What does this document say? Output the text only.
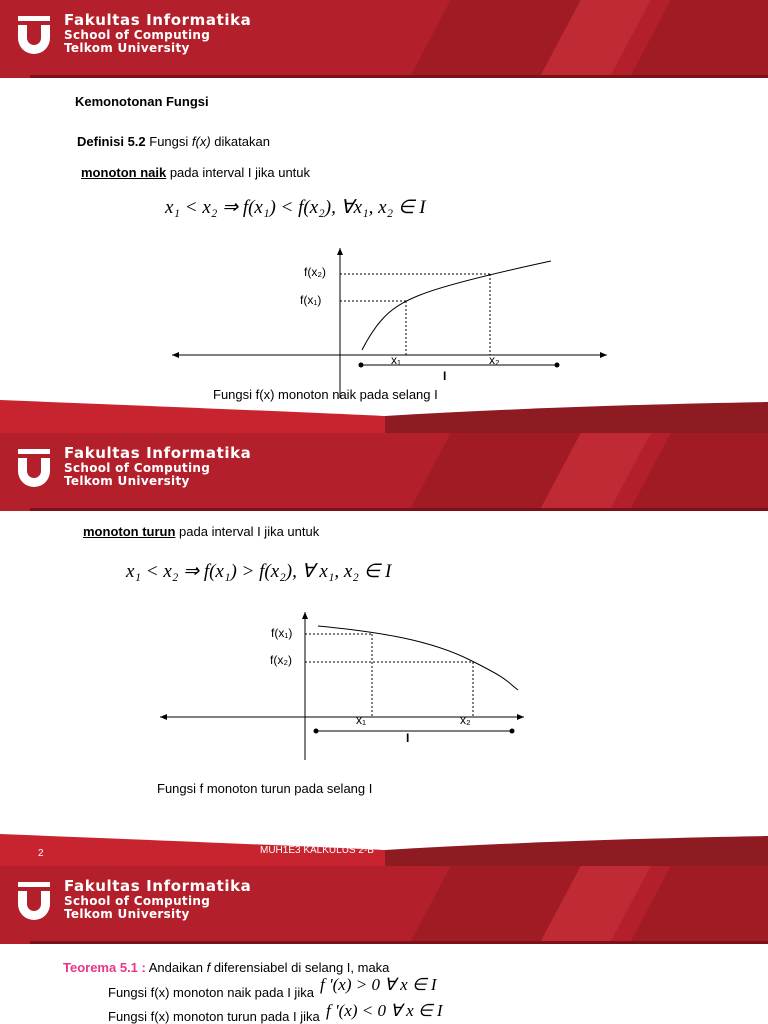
Fakultas Informatika
School of Computing
Telkom University
Kemonotonan Fungsi
Definisi 5.2 Fungsi f(x) dikatakan
monoton naik pada interval I jika untuk
x₁ < x₂ ⇒ f(x₁) < f(x₂), ∀x₁, x₂ ∈ I
f(x₂)
f(x₁)
x₁	x₂
I
Fungsi f(x) monoton naik pada selang I
Fakultas Informatika
School of Computing
Telkom University
monoton turun pada interval I jika untuk
x₁ < x₂ ⇒ f(x₁) > f(x₂), ∀ x₁, x₂ ∈ I
f(x₁)
f(x₂)
x₁	x₂
I
Fungsi f monoton turun pada selang I
2	MUH1E3 KALKULUS 2-B
Fakultas Informatika
School of Computing
Telkom University
Teorema 5.1 : Andaikan f diferensiabel di selang I, maka
Fungsi f(x) monoton naik pada I jika f '(x) > 0 ∀ x ∈ I
Fungsi f(x) monoton turun pada I jika f '(x) < 0 ∀ x ∈ I
